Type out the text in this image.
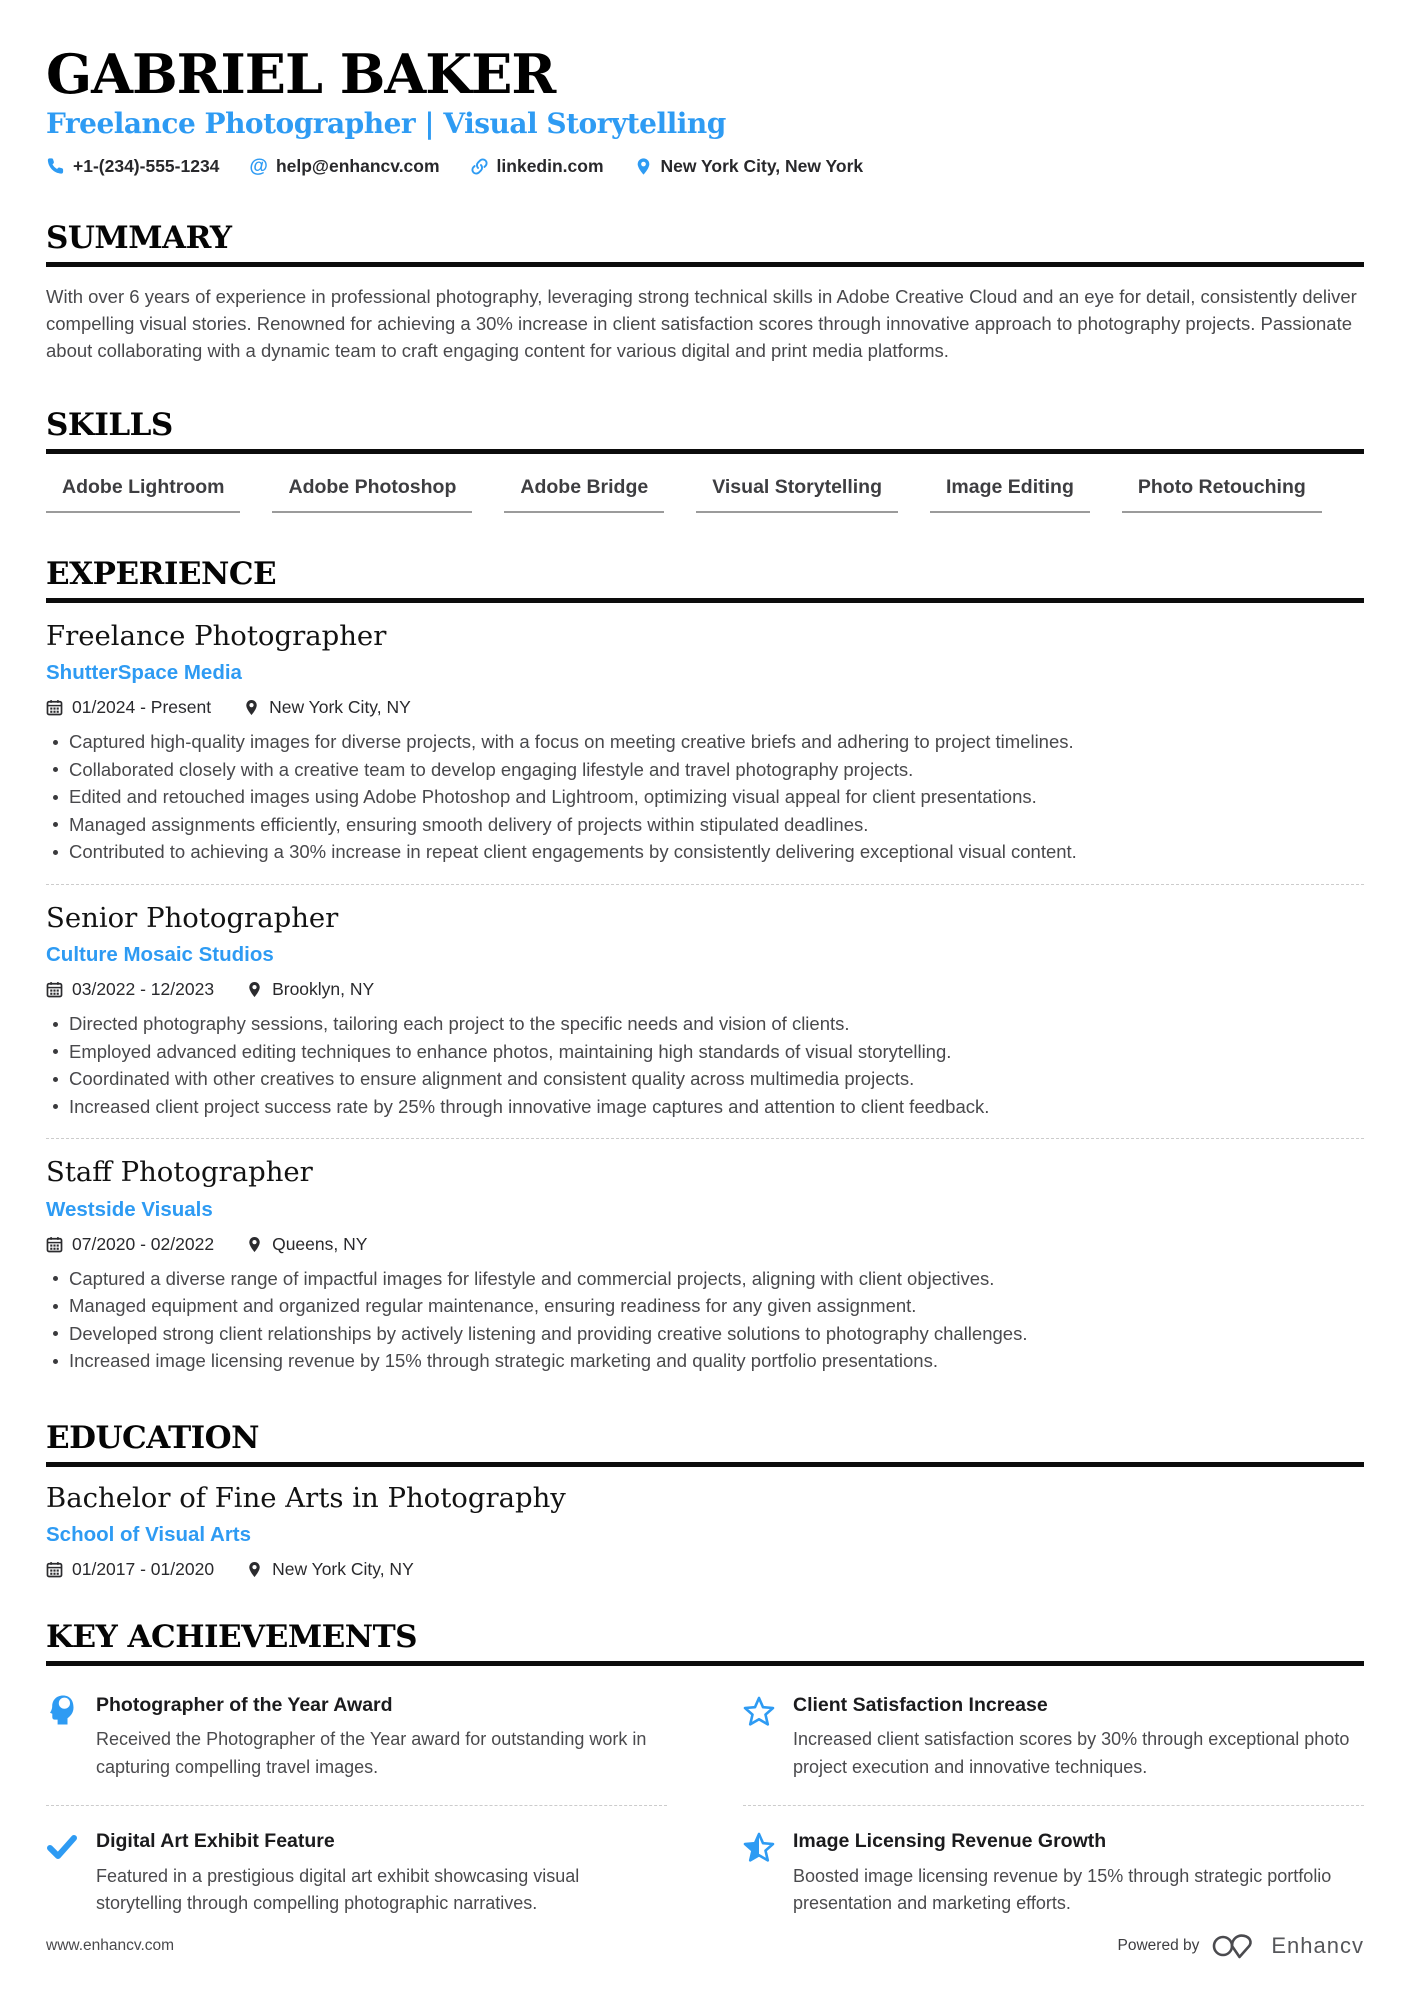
GABRIEL BAKER
Freelance Photographer | Visual Storytelling
+1-(234)-555-1234 @ help@enhancv.com	linkedin.com	New York City, New York
SUMMARY
With over 6 years of experience in professional photography, leveraging strong technical skills in Adobe Creative Cloud and an eye for detail, consistently deliver compelling visual stories. Renowned for achieving a 30% increase in client satisfaction scores through innovative approach to photography projects. Passionate about collaborating with a dynamic team to craft engaging content for various digital and print media platforms.
SKILLS
Adobe Lightroom	Adobe Photoshop	Adobe Bridge	Visual Storytelling	Image Editing	Photo Retouching
EXPERIENCE
Freelance Photographer
ShutterSpace Media
01/2024 - Present	New York City, NY
Captured high-quality images for diverse projects, with a focus on meeting creative briefs and adhering to project timelines.
Collaborated closely with a creative team to develop engaging lifestyle and travel photography projects.
Edited and retouched images using Adobe Photoshop and Lightroom, optimizing visual appeal for client presentations.
Managed assignments efficiently, ensuring smooth delivery of projects within stipulated deadlines.
Contributed to achieving a 30% increase in repeat client engagements by consistently delivering exceptional visual content.
Senior Photographer
Culture Mosaic Studios
03/2022 - 12/2023	Brooklyn, NY
Directed photography sessions, tailoring each project to the specific needs and vision of clients.
Employed advanced editing techniques to enhance photos, maintaining high standards of visual storytelling.
Coordinated with other creatives to ensure alignment and consistent quality across multimedia projects.
Increased client project success rate by 25% through innovative image captures and attention to client feedback.
Staff Photographer
Westside Visuals
07/2020 - 02/2022	Queens, NY
Captured a diverse range of impactful images for lifestyle and commercial projects, aligning with client objectives.
Managed equipment and organized regular maintenance, ensuring readiness for any given assignment.
Developed strong client relationships by actively listening and providing creative solutions to photography challenges.
Increased image licensing revenue by 15% through strategic marketing and quality portfolio presentations.
EDUCATION
Bachelor of Fine Arts in Photography
School of Visual Arts
01/2017 - 01/2020	New York City, NY
KEY ACHIEVEMENTS
Photographer of the Year Award
Received the Photographer of the Year award for outstanding work in capturing compelling travel images.
Client Satisfaction Increase
Increased client satisfaction scores by 30% through exceptional photo project execution and innovative techniques.
Digital Art Exhibit Feature
Featured in a prestigious digital art exhibit showcasing visual storytelling through compelling photographic narratives.
Image Licensing Revenue Growth
Boosted image licensing revenue by 15% through strategic portfolio presentation and marketing efforts.
www.enhancv.com	Powered by	Enhancv
